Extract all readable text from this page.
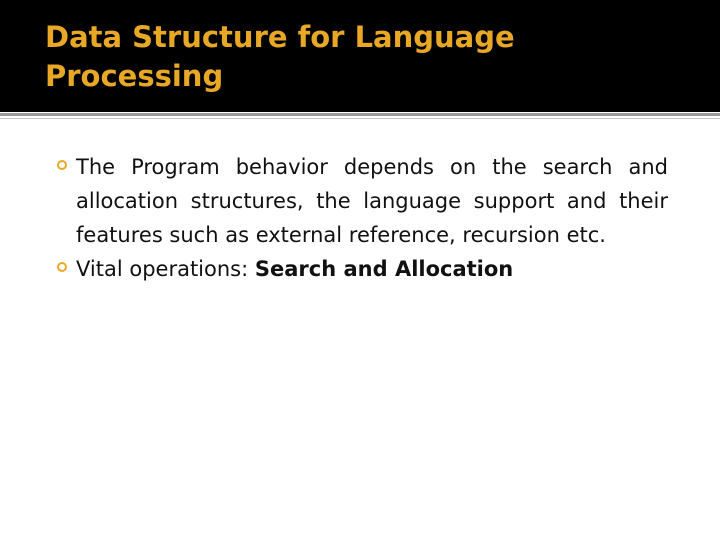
Data Structure for Language Processing
The Program behavior depends on the search and allocation structures, the language support and their features such as external reference, recursion etc.
Vital operations: Search and Allocation
